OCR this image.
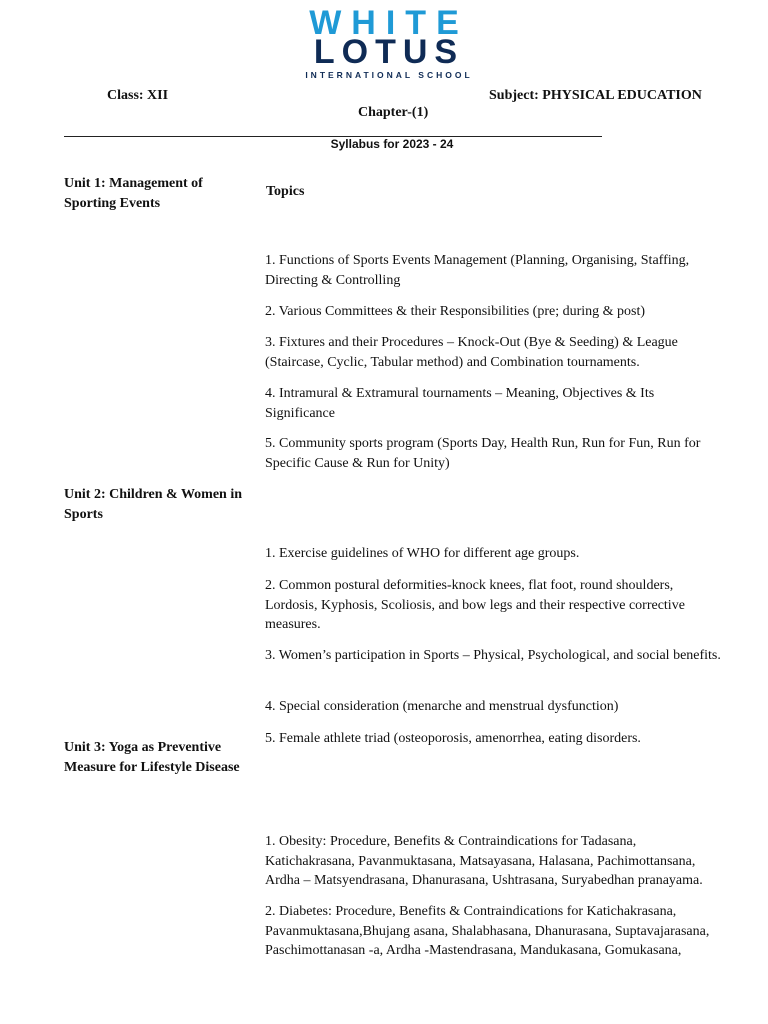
WHITE
LOTUS
INTERNATIONAL SCHOOL
Class: XII	Subject: PHYSICAL EDUCATION
Chapter-(1)
Syllabus for 2023 - 24
Unit 1: Management of Sporting Events
Topics
1. Functions of Sports Events Management (Planning, Organising, Staffing, Directing & Controlling
2. Various Committees & their Responsibilities (pre; during & post)
3. Fixtures and their Procedures – Knock-Out (Bye & Seeding) & League (Staircase, Cyclic, Tabular method) and Combination tournaments.
4. Intramural & Extramural tournaments – Meaning, Objectives & Its Significance
5. Community sports program (Sports Day, Health Run, Run for Fun, Run for Specific Cause & Run for Unity)
Unit 2: Children & Women in Sports
1. Exercise guidelines of WHO for different age groups.
2. Common postural deformities-knock knees, flat foot, round shoulders, Lordosis, Kyphosis, Scoliosis, and bow legs and their respective corrective measures.
3. Women’s participation in Sports – Physical, Psychological, and social benefits.
4. Special consideration (menarche and menstrual dysfunction)
5. Female athlete triad (osteoporosis, amenorrhea, eating disorders.
Unit 3: Yoga as Preventive Measure for Lifestyle Disease
1. Obesity: Procedure, Benefits & Contraindications for Tadasana, Katichakrasana, Pavanmuktasana, Matsayasana, Halasana, Pachimottansana, Ardha – Matsyendrasana, Dhanurasana, Ushtrasana, Suryabedhan pranayama.
2. Diabetes: Procedure, Benefits & Contraindications for Katichakrasana, Pavanmuktasana,Bhujang asana, Shalabhasana, Dhanurasana, Suptavajarasana, Paschimottanasan -a, Ardha -Mastendrasana, Mandukasana, Gomukasana,
